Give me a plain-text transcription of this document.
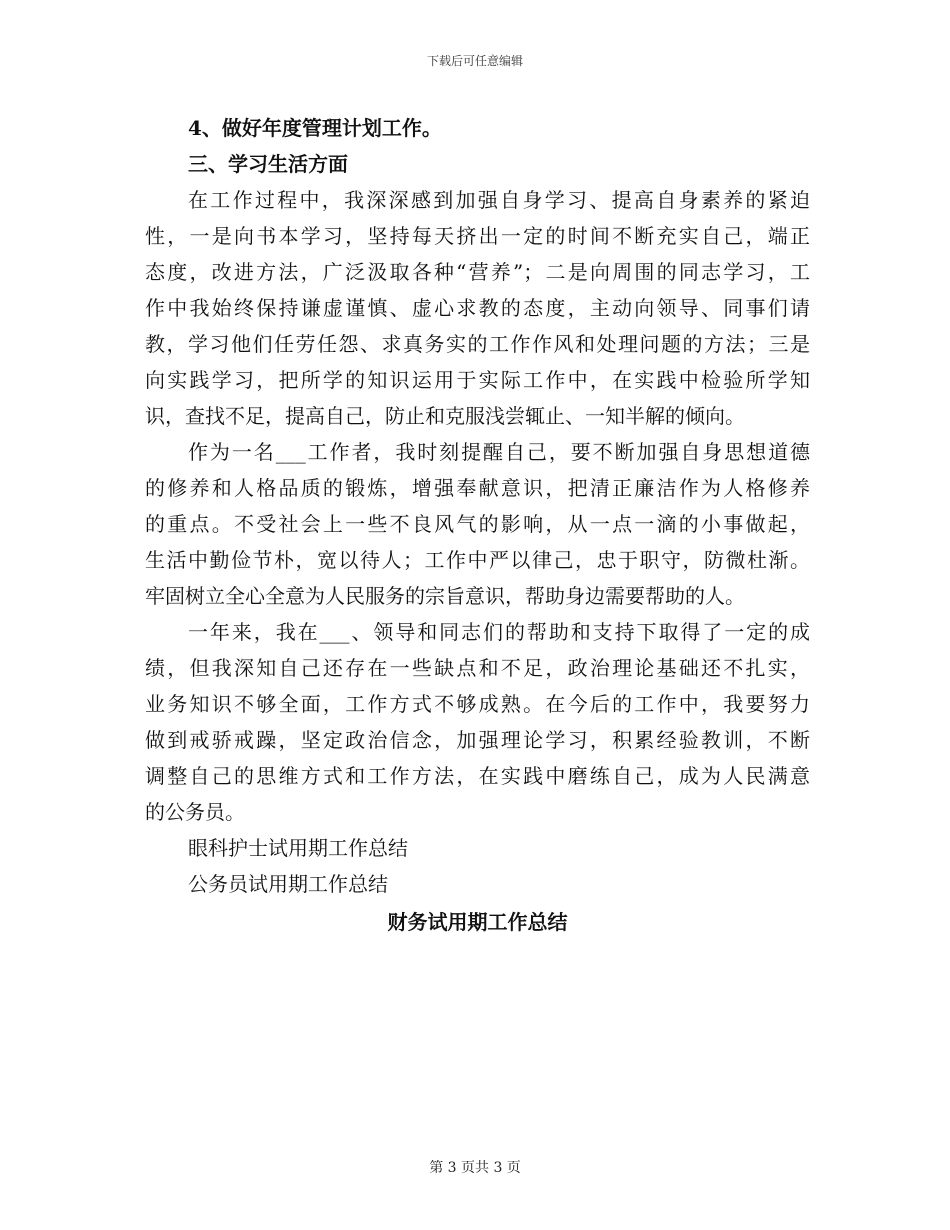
下载后可任意编辑
4、做好年度管理计划工作。
三、学习生活方面
在工作过程中，我深深感到加强自身学习、提高自身素养的紧迫
性，一是向书本学习，坚持每天挤出一定的时间不断充实自己，端正
态度，改进方法，广泛汲取各种“营养”；二是向周围的同志学习，工
作中我始终保持谦虚谨慎、虚心求教的态度，主动向领导、同事们请
教，学习他们任劳任怨、求真务实的工作作风和处理问题的方法；三是
向实践学习，把所学的知识运用于实际工作中，在实践中检验所学知
识，查找不足，提高自己，防止和克服浅尝辄止、一知半解的倾向。
作为一名___工作者，我时刻提醒自己，要不断加强自身思想道德
的修养和人格品质的锻炼，增强奉献意识，把清正廉洁作为人格修养
的重点。不受社会上一些不良风气的影响，从一点一滴的小事做起，
生活中勤俭节朴，宽以待人；工作中严以律己，忠于职守，防微杜渐。
牢固树立全心全意为人民服务的宗旨意识，帮助身边需要帮助的人。
一年来，我在___、领导和同志们的帮助和支持下取得了一定的成
绩，但我深知自己还存在一些缺点和不足，政治理论基础还不扎实，
业务知识不够全面，工作方式不够成熟。在今后的工作中，我要努力
做到戒骄戒躁，坚定政治信念，加强理论学习，积累经验教训，不断
调整自己的思维方式和工作方法，在实践中磨练自己，成为人民满意
的公务员。
眼科护士试用期工作总结
公务员试用期工作总结
财务试用期工作总结
第 3 页共 3 页
